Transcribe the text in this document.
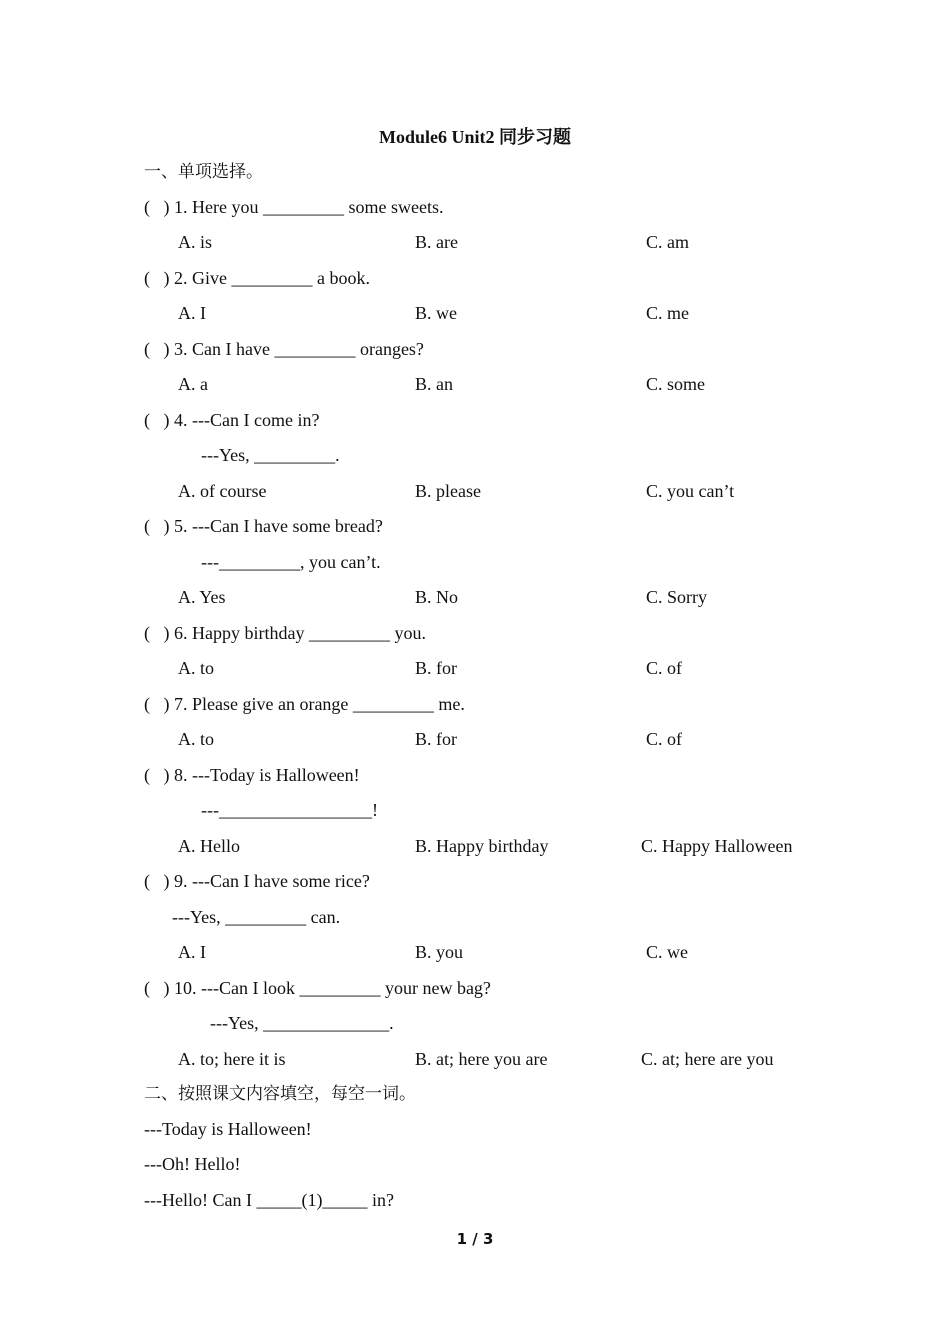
Module6 Unit2 同步习题
一、单项选择。
(   ) 1. Here you _________ some sweets.
A. is	B. are	C. am
(   ) 2. Give _________ a book.
A. I	B. we	C. me
(   ) 3. Can I have _________ oranges?
A. a	B. an	C. some
(   ) 4. ---Can I come in?
---Yes, _________.
A. of course	B. please	C. you can’t
(   ) 5. ---Can I have some bread?
---_________, you can’t.
A. Yes	B. No	C. Sorry
(   ) 6. Happy birthday _________ you.
A. to	B. for	C. of
(   ) 7. Please give an orange _________ me.
A. to	B. for	C. of
(   ) 8. ---Today is Halloween!
---_________________!
A. Hello	B. Happy birthday	C. Happy Halloween
(   ) 9. ---Can I have some rice?
---Yes, _________ can.
A. I	B. you	C. we
(   ) 10. ---Can I look _________ your new bag?
---Yes, ______________.
A. to; here it is	B. at; here you are	C. at; here are you
二、按照课文内容填空，每空一词。
---Today is Halloween!
---Oh! Hello!
---Hello! Can I _____(1)_____ in?
1 / 3
